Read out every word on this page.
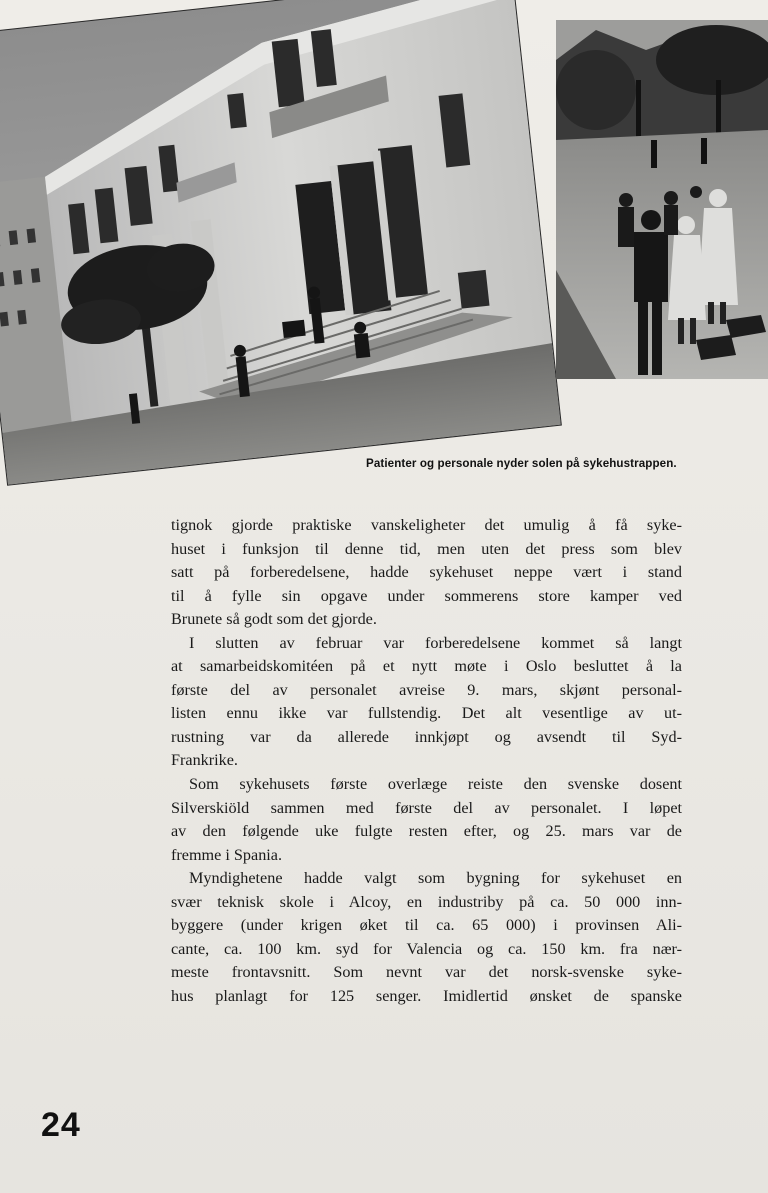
Patienter og personale nyder solen på sykehustrappen.
tignok gjorde praktiske vanskeligheter det umulig å få syke-
huset i funksjon til denne tid, men uten det press som blev
satt på forberedelsene, hadde sykehuset neppe vært i stand
til å fylle sin opgave under sommerens store kamper ved
Brunete så godt som det gjorde.
I slutten av februar var forberedelsene kommet så langt
at samarbeidskomitéen på et nytt møte i Oslo besluttet å la
første del av personalet avreise 9. mars, skjønt personal-
listen ennu ikke var fullstendig. Det alt vesentlige av ut-
rustning var da allerede innkjøpt og avsendt til Syd-
Frankrike.
Som sykehusets første overlæge reiste den svenske dosent
Silverskiöld sammen med første del av personalet. I løpet
av den følgende uke fulgte resten efter, og 25. mars var de
fremme i Spania.
Myndighetene hadde valgt som bygning for sykehuset en
svær teknisk skole i Alcoy, en industriby på ca. 50 000 inn-
byggere (under krigen øket til ca. 65 000) i provinsen Ali-
cante, ca. 100 km. syd for Valencia og ca. 150 km. fra nær-
meste frontavsnitt. Som nevnt var det norsk-svenske syke-
hus planlagt for 125 senger. Imidlertid ønsket de spanske
24
